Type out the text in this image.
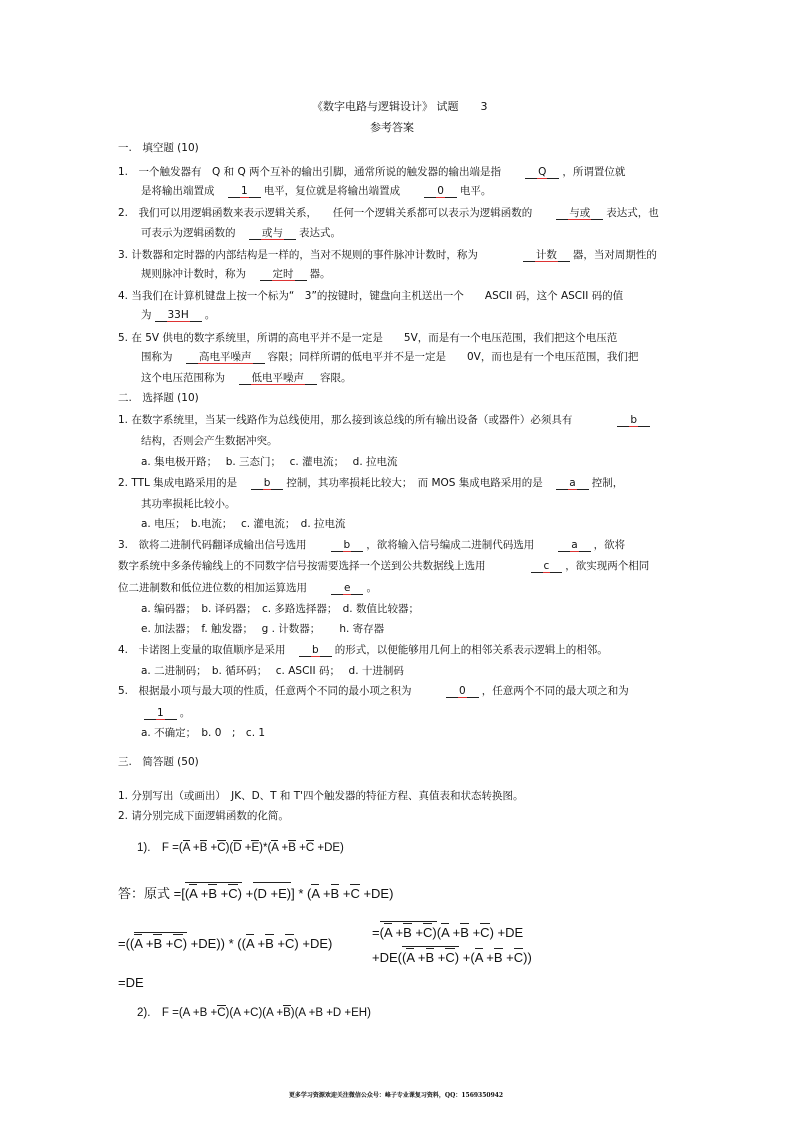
《数字电路与逻辑设计》 试题　　3
参考答案
一.　填空题 (10)
1.　一个触发器有　Q 和 Q 两个互补的输出引脚，通常所说的触发器的输出端是指　　Q ，所谓置位就
是将输出端置成　1 电平，复位就是将输出端置成　　0 电平。
2.　我们可以用逻辑函数来表示逻辑关系，　　任何一个逻辑关系都可以表示为逻辑函数的　　与或 表达式，也
可表示为逻辑函数的　或与 表达式。
3. 计数器和定时器的内部结构是一样的，当对不规则的事件脉冲计数时，称为　　　　计数 器，当对周期性的
规则脉冲计数时，称为　定时 器。
4. 当我们在计算机键盘上按一个标为“　3”的按键时，键盘向主机送出一个　　ASCII 码，这个 ASCII 码的值
为 33H 。
5. 在 5V 供电的数字系统里，所谓的高电平并不是一定是　　5V，而是有一个电压范围，我们把这个电压范
围称为　高电平噪声 容限；同样所谓的低电平并不是一定是　　0V，而也是有一个电压范围，我们把
这个电压范围称为　低电平噪声 容限。
二.　选择题 (10)
1. 在数字系统里，当某一线路作为总线使用，那么接到该总线的所有输出设备（或器件）必须具有　　　　b
结构，否则会产生数据冲突。
a. 集电极开路；　 b. 三态门；　 c. 灌电流；　 d. 拉电流
2. TTL 集成电路采用的是　b 控制，其功率损耗比较大；　而 MOS 集成电路采用的是　a 控制，
其功率损耗比较小。
a. 电压；　b.电流；　 c. 灌电流；　d. 拉电流
3.　欲将二进制代码翻译成输出信号选用　　b ，欲将输入信号编成二进制代码选用　　a ，欲将
数字系统中多条传输线上的不同数字信号按需要选择一个送到公共数据线上选用　　　　c ，欲实现两个相同
位二进制数和低位进位数的相加运算选用　　e 。
a. 编码器；　b. 译码器；　c. 多路选择器；　d. 数值比较器；
e. 加法器；　f. 触发器；　 g . 计数器；　　 h. 寄存器
4.　卡诺图上变量的取值顺序是采用　b 的形式，以便能够用几何上的相邻关系表示逻辑上的相邻。
a. 二进制码；　b. 循环码；　 c. ASCII 码；　 d. 十进制码
5.　根据最小项与最大项的性质，任意两个不同的最小项之积为　　　0 ，任意两个不同的最大项之和为
1 。
a. 不确定；　b. 0　;　c. 1
三.　简答题 (50)
1. 分别写出（或画出）　JK、D、T 和 T'四个触发器的特征方程、真值表和状态转换图。
2. 请分别完成下面逻辑函数的化简。
1).　F =(A +B +C)(D +E)*(A +B +C +DE)
答：原式 =[(A +B +C) +(D +E)] * (A +B +C +DE)
=((A +B +C) +DE)) * ((A +B +C) +DE)
=(A +B +C)(A +B +C) +DE
+DE((A +B +C) +(A +B +C))
=DE
2).　F =(A +B +C)(A +C)(A +B)(A +B +D +EH)
更多学习资源欢迎关注微信公众号：峰子专业课复习资料，QQ：1569350942
